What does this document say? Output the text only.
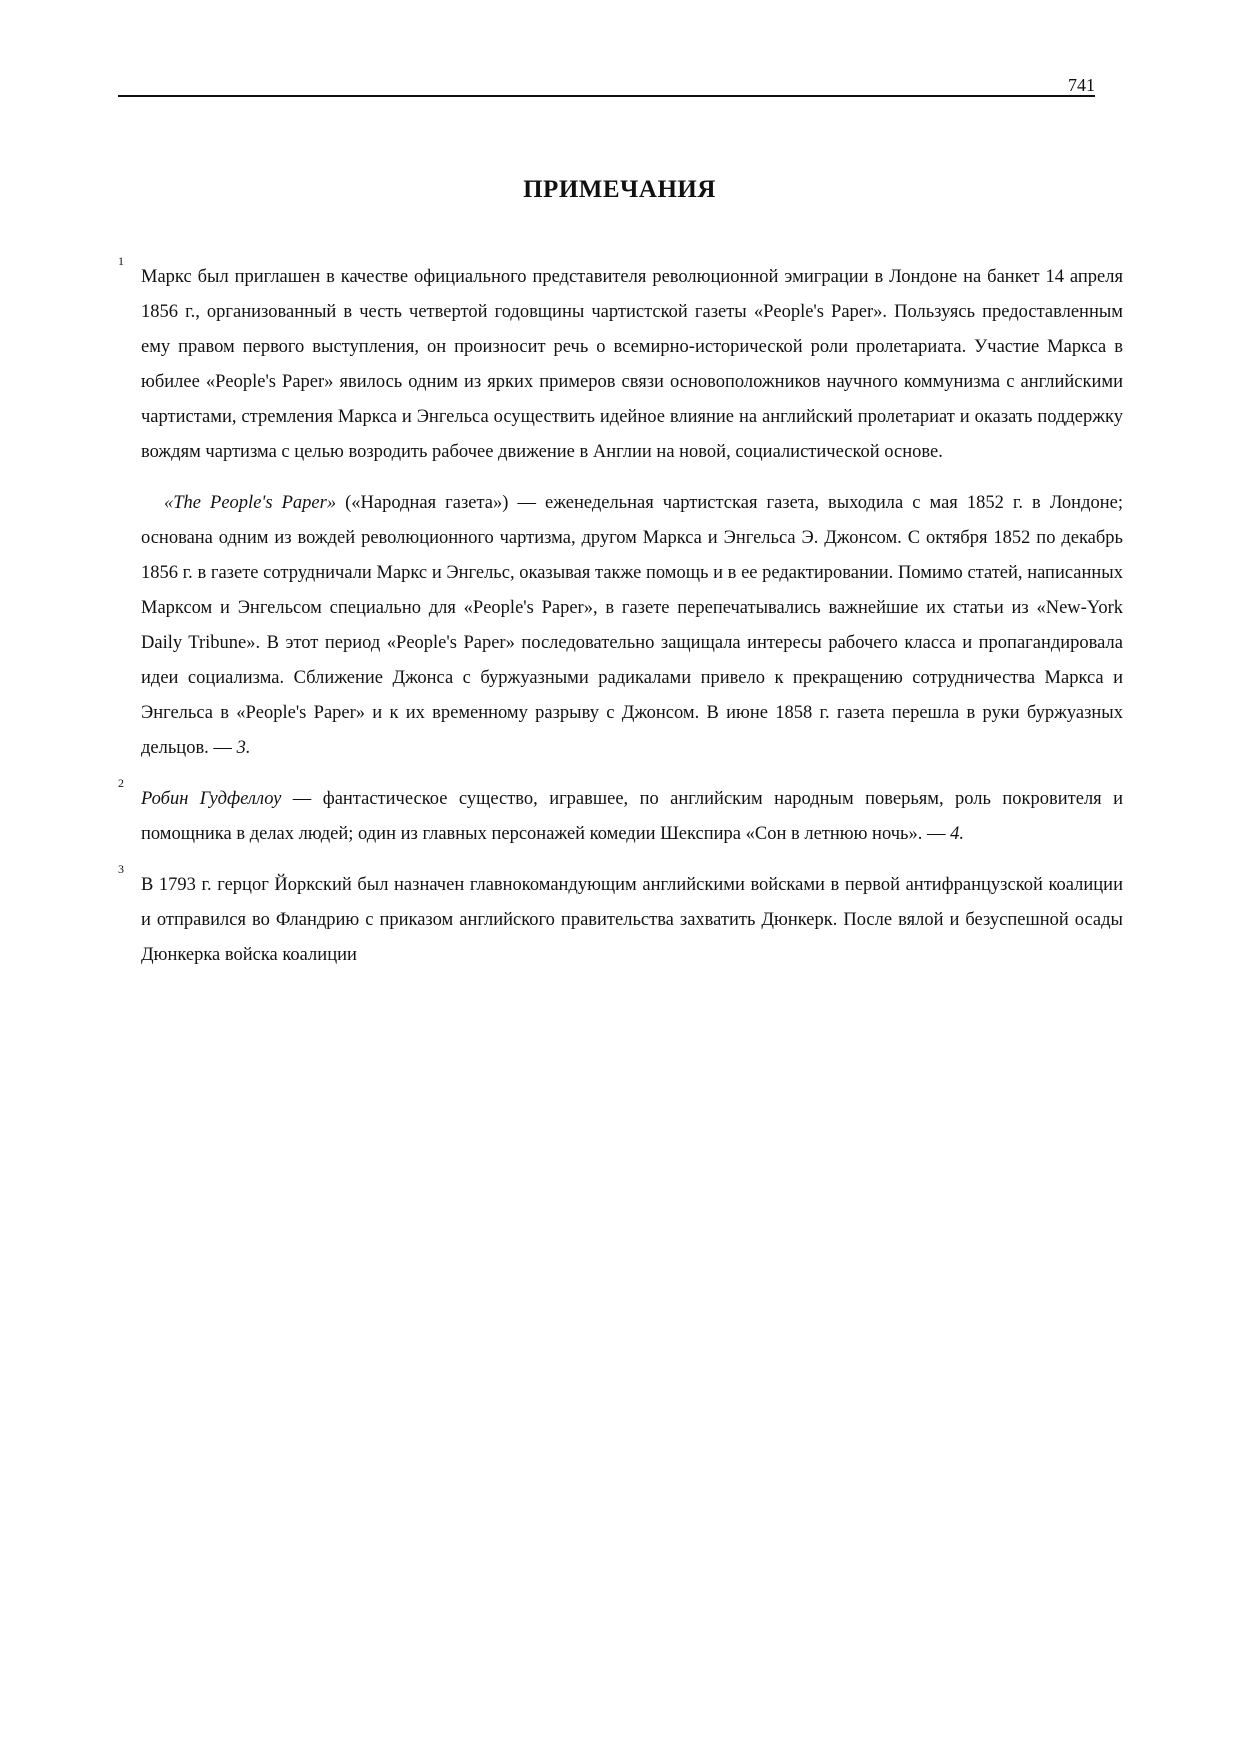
741
ПРИМЕЧАНИЯ

1
Маркс был приглашен в качестве официального представителя революционной эмиграции в Лондоне на банкет 14 апреля 1856 г., организованный в честь четвертой годовщины чартистской газеты «People's Paper». Пользуясь предоставленным ему правом первого выступления, он произносит речь о всемирно-исторической роли пролетариата. Участие Маркса в юбилее «People's Paper» явилось одним из ярких примеров связи основоположников научного коммунизма с английскими чартистами, стремления Маркса и Энгельса осуществить идейное влияние на английский пролетариат и оказать поддержку вождям чартизма с целью возродить рабочее движение в Англии на новой, социалистической основе.

«The People's Paper» («Народная газета») — еженедельная чартистская газета, выходила с мая 1852 г. в Лондоне; основана одним из вождей революционного чартизма, другом Маркса и Энгельса Э. Джонсом. С октября 1852 по декабрь 1856 г. в газете сотрудничали Маркс и Энгельс, оказывая также помощь и в ее редактировании. Помимо статей, написанных Марксом и Энгельсом специально для «People's Paper», в газете перепечатывались важнейшие их статьи из «New-York Daily Tribune». В этот период «People's Paper» последовательно защищала интересы рабочего класса и пропагандировала идеи социализма. Сближение Джонса с буржуазными радикалами привело к прекращению сотрудничества Маркса и Энгельса в «People's Paper» и к их временному разрыву с Джонсом. В июне 1858 г. газета перешла в руки буржуазных дельцов. — 3.

2
Робин Гудфеллоу — фантастическое существо, игравшее, по английским народным поверьям, роль покровителя и помощника в делах людей; один из главных персонажей комедии Шекспира «Сон в летнюю ночь». — 4.

3
В 1793 г. герцог Йоркский был назначен главнокомандующим английскими войсками в первой антифранцузской коалиции и отправился во Фландрию с приказом английского правительства захватить Дюнкерк. После вялой и безуспешной осады Дюнкерка войска коалиции
